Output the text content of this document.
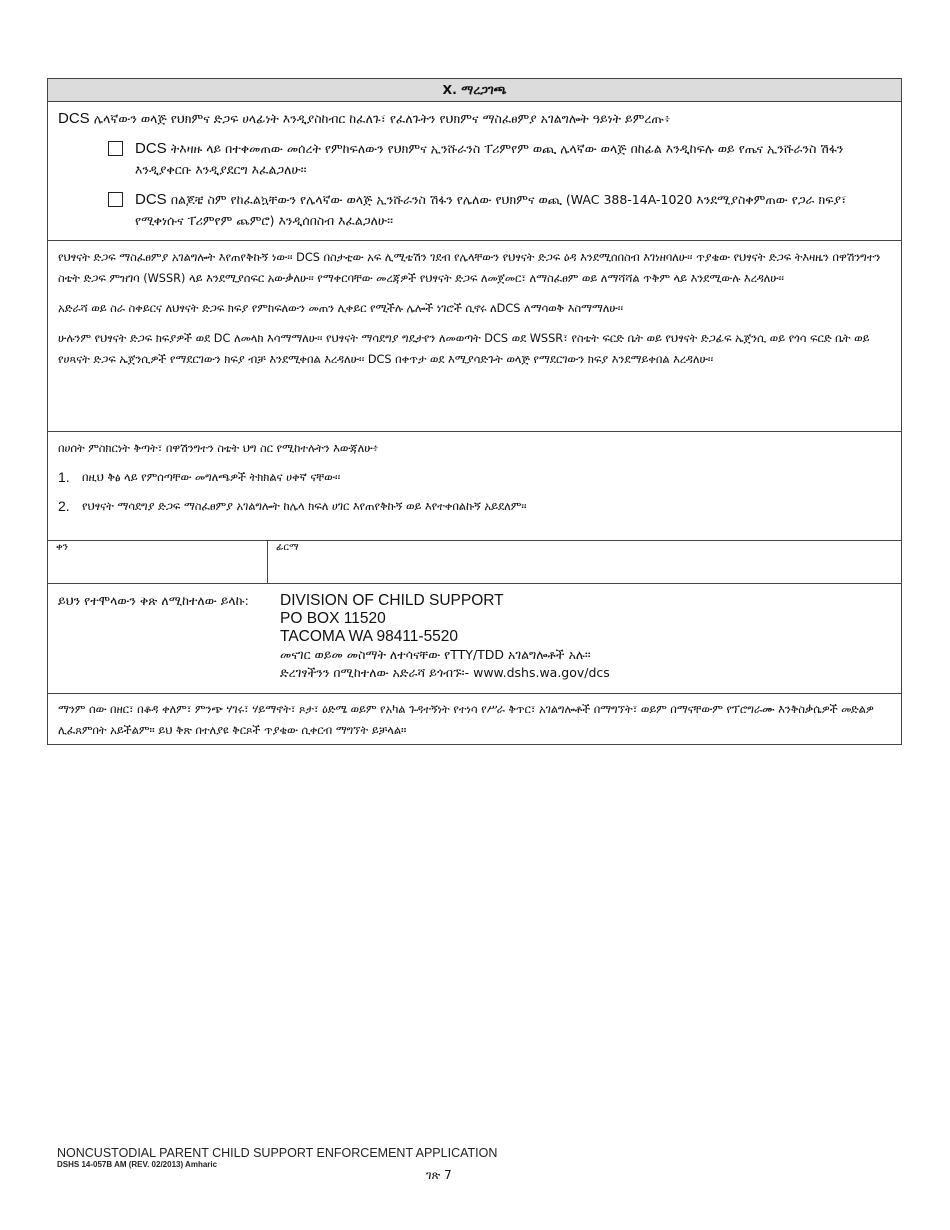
X. ማረጋገጫ
DCS ሌላኛውን ወላጅ የህክምና ድጋፍ ሀላፊነት እንዲያስከብር ከፈለጉ፣ የፈለጉትን የህክምና ማስፈፀምያ አገልግሎት ዓይነት ይምረጡ፥
DCS ትእዛዙ ላይ በተቀመጠው መሰረት የምከፍለውን የህክምና ኢንሹራንስ ፐሪምየም ወጪ ሌላኛው ወላጅ በከፊል እንዲከፍሉ ወይ የጤና ኢንሹራንስ ሽፋን እንዲያቀርቡ እንዲያደርግ እፈልጋለሁ፡፡
DCS በልጆቼ ስም የከፈልኳቸውን የሌላኛው ወላጅ ኢንሹራንስ ሽፋን የሌለው የህክምና ወጪ (WAC 388-14A-1020 እንደሚያስቀምጠው የጋራ ክፍያ፣ የሚቀነሱና ፐሪምየም ጨምሮ) እንዲሰበስብ እፈልጋለሁ፡፡
የህፃናት ድጋፍ ማስፈፀምያ አገልግሎት እየጠየቅኩኝ ነው፡፡ DCS በስታቲው አፍ ሊሚቴሽን ገደብ የሌላቸውን የህፃናት ድጋፍ ዕዳ እንደሚሰበስብ እገነዘባለሁ፡፡ ጥያቄው የህፃናት ድጋፍ ትእዛዜን በዋሽንግተን ስቴት ድጋፍ ምዝገባ (WSSR) ላይ እንደሚያሰፍር አውቃለሁ፡፡ የማቀርባቸው መረጃዎች የህፃናት ድጋፍ ለመጀመር፣ ለማስፈፀም ወይ ለማሻሻል ጥቅም ላይ እንደሚውሉ እረዳለሁ፡፡
አድራሻ ወይ ስራ ስቀይርና ለህፃናት ድጋፍ ክፍያ የምከፍለውን መጠን ሊቀይር የሚችሉ ሌሎች ነገሮች ሲኖሩ ለDCS ለማሳወቅ እስማማለሁ፡፡
ሁሉንም የህፃናት ድጋፍ ክፍያዎች ወደ DC ለመላክ እሳማማለሁ፡፡ የህፃናት ማሳደግያ ግዴታየን ለመወጣት DCS ወደ WSSR፣ የስቴት ፍርድ ቤት ወይ የህፃናት ድጋፊፍ ኤጀንሲ ወይ የጎሳ ፍርድ ቤት ወይ የሀጻናት ድጋፍ ኤጀንሲዎች የማደርገውን ክፍያ ብቻ እንደሚቀበል እረዳለሁ፡፡ DCS በቀጥታ ወደ እሚያሳድጉት ወላጅ የማደርገውን ክፍያ እንደማይቀበል እረዳለሁ፡፡
በሀሰት ምስክርነት ቅጣት፣ በዋሽንግተን ስቴት ህግ ስር የሚከተሉትን እውጃለሁ፥
1.	በዚህ ቅፅ ላይ የምሰጣቸው መግለጫዎች ትክክልና ሀቀኛ ናቸው፡፡
2.	የህፃናት ማሳደግያ ድጋፍ ማስፈፀምያ አገልግሎት ከሌላ ክፍለ ሀገር እየጠየቅኩኝ ወይ እየተቀበልኩኝ አይደለም፡፡
ቀን	ፊርማ
ይህን የተሞላውን ቅጽ ለሚከተለው ይላኩ:	DIVISION OF CHILD SUPPORT
PO BOX 11520
TACOMA WA 98411-5520
መናገር ወይመ መስማት ለተሳናቸው የTTY/TDD አገልግሎቶች አሉ፡፡
ድረገፃችንን በሚከተለው አድራሻ ይጎብኙ፡- www.dshs.wa.gov/dcs
ማንም ሰው በዘር፣ በቆዳ ቀለም፣ ምንጭ ሃገሩ፣ ሃይማኖት፣ ጾታ፣ ዕድሜ ወይም የአካል ጉዳተኝነት የተነሳ የሥራ ቅጥር፣ አገልግሎቶች በማግኘት፣ ወይም በማናቸውም የፕሮግራሙ እንቅስቃሴዎች መድልዎ ሊፈጸምበት አይችልም። ይህ ቅጽ በተለያዩ ቅርጾች ጥያቄው ሲቀርብ ማግኘት ይቻላል።
NONCUSTODIAL PARENT CHILD SUPPORT ENFORCEMENT APPLICATION
DSHS 14-057B AM (REV. 02/2013) Amharic
ገጽ 7
